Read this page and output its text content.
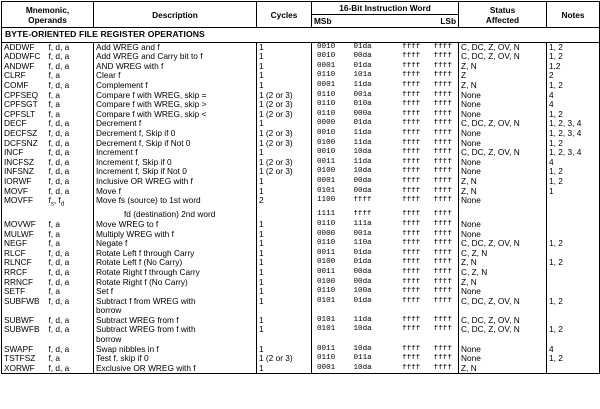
Mnemonic,
Operands		Description	Cycles	16-Bit Instruction Word				Status
Affected	Notes
				MSb		LSb			
BYTE-ORIENTED FILE REGISTER OPERATIONS									
ADDWF	f, d, a	Add WREG and f	1	0010	01da	ffff	ffff	C, DC, Z, OV, N	1, 2
ADDWFC	f, d, a	Add WREG and Carry bit to f	1	0010	00da	ffff	ffff	C, DC, Z, OV, N	1, 2
ANDWF	f, d, a	AND WREG with f	1	0001	01da	ffff	ffff	Z, N	1,2
CLRF	f, a	Clear f	1	0110	101a	ffff	ffff	Z	2
COMF	f, d, a	Complement f	1	0001	11da	ffff	ffff	Z, N	1, 2
CPFSEQ	f, a	Compare f with WREG, skip =	1 (2 or 3)	0110	001a	ffff	ffff	None	4
CPFSGT	f, a	Compare f with WREG, skip >	1 (2 or 3)	0110	010a	ffff	ffff	None	4
CPFSLT	f, a	Compare f with WREG, skip <	1 (2 or 3)	0110	000a	ffff	ffff	None	1, 2
DECF	f, d, a	Decrement f	1	0000	01da	ffff	ffff	C, DC, Z, OV, N	1, 2, 3, 4
DECFSZ	f, d, a	Decrement f, Skip if 0	1 (2 or 3)	0010	11da	ffff	ffff	None	1, 2, 3, 4
DCFSNZ	f, d, a	Decrement f, Skip if Not 0	1 (2 or 3)	0100	11da	ffff	ffff	None	1, 2
INCF	f, d, a	Increment f	1	0010	10da	ffff	ffff	C, DC, Z, OV, N	1, 2, 3, 4
INCFSZ	f, d, a	Increment f, Skip if 0	1 (2 or 3)	0011	11da	ffff	ffff	None	4
INFSNZ	f, d, a	Increment f, Skip if Not 0	1 (2 or 3)	0100	10da	ffff	ffff	None	1, 2
IORWF	f, d, a	Inclusive OR WREG with f	1	0001	00da	ffff	ffff	Z, N	1, 2
MOVF	f, d, a	Move f	1	0101	00da	ffff	ffff	Z, N	1
MOVFF	$f_s$, $f_d$	Move fs (source) to 1st word	2	1100	ffff	ffff	ffff	None	
		fd (destination) 2nd word		1111	ffff	ffff	ffff		
MOVWF	f, a	Move WREG to f	1	0110	111a	ffff	ffff	None	
MULWF	f, a	Multiply WREG with f	1	0000	001a	ffff	ffff	None	
NEGF	f, a	Negate f	1	0110	110a	ffff	ffff	C, DC, Z, OV, N	1, 2
RLCF	f, d, a	Rotate Left f through Carry	1	0011	01da	ffff	ffff	C, Z, N	
RLNCF	f, d, a	Rotate Left f (No Carry)	1	0100	01da	ffff	ffff	Z, N	1, 2
RRCF	f, d, a	Rotate Right f through Carry	1	0011	00da	ffff	ffff	C, Z, N	
RRNCF	f, d, a	Rotate Right f (No Carry)	1	0100	00da	ffff	ffff	Z, N	
SETF	f, a	Set f	1	0110	100a	ffff	ffff	None	
SUBFWB	f, d, a	Subtract f from WREG with	1	0101	01da	ffff	ffff	C, DC, Z, OV, N	1, 2
		borrow							
SUBWF	f, d, a	Subtract WREG from f	1	0101	11da	ffff	ffff	C, DC, Z, OV, N	
SUBWFB	f, d, a	Subtract WREG from f with	1	0101	10da	ffff	ffff	C, DC, Z, OV, N	1, 2
		borrow							
SWAPF	f, d, a	Swap nibbles in f	1	0011	10da	ffff	ffff	None	4
TSTFSZ	f, a	Test f, skip if 0	1 (2 or 3)	0110	011a	ffff	ffff	None	1, 2
XORWF	f, d, a	Exclusive OR WREG with f	1	0001	10da	ffff	ffff	Z, N	
